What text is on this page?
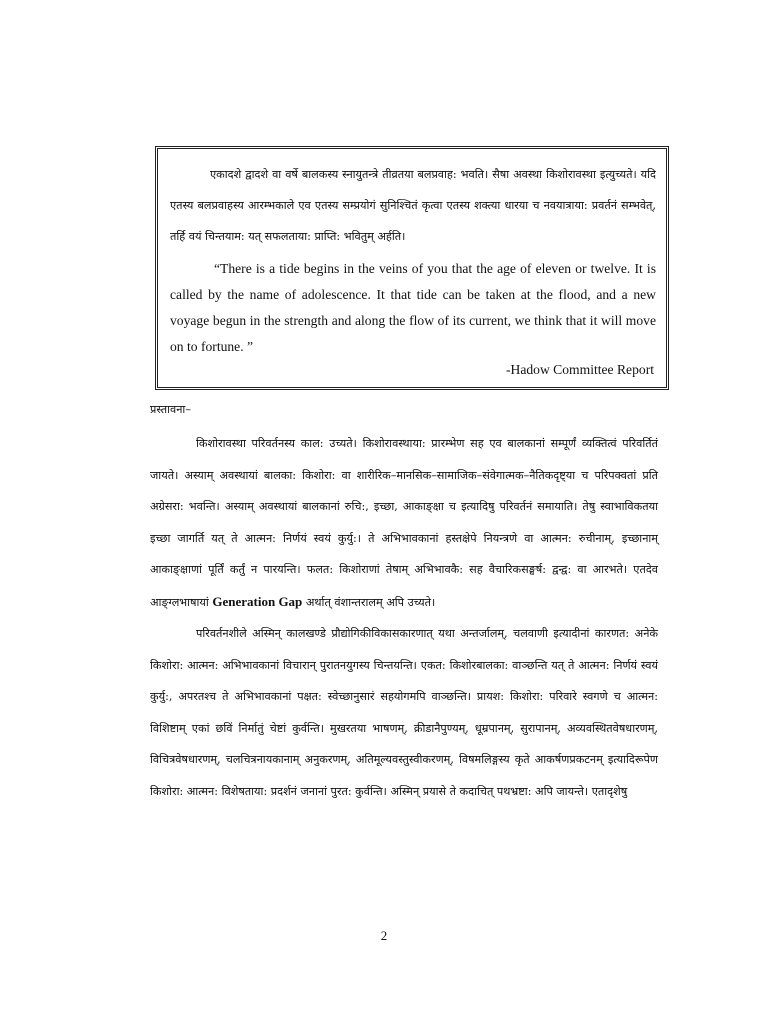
एकादशे द्वादशे वा वर्षे बालकस्य स्नायुतन्त्रे तीव्रतया बलप्रवाह: भवति। सैषा अवस्था किशोरावस्था इत्युच्यते। यदि एतस्य बलप्रवाहस्य आरम्भकाले एव एतस्य सम्प्रयोगं सुनिश्चितं कृत्वा एतस्य शक्त्या धारया च नवयात्राया: प्रवर्तनं सम्भवेत्, तर्हि वयं चिन्तयाम: यत् सफलताया: प्राप्ति: भवितुम् अर्हति।

“There is a tide begins in the veins of you that the age of eleven or twelve. It is called by the name of adolescence. It that tide can be taken at the flood, and a new voyage begun in the strength and along the flow of its current, we think that it will move on to fortune. ”

-Hadow Committee Report

प्रस्तावना–

किशोरावस्था परिवर्तनस्य काल: उच्यते। किशोरावस्थाया: प्रारम्भेण सह एव बालकानां सम्पूर्णं व्यक्तित्वं परिवर्तितं जायते। अस्याम् अवस्थायां बालका: किशोरा: वा शारीरिक–मानसिक–सामाजिक–संवेगात्मक–नैतिकदृष्ट्या च परिपक्वतां प्रति अग्रेसरा: भवन्ति। अस्याम् अवस्थायां बालकानां रुचि:, इच्छा, आकाङ्क्षा च इत्यादिषु परिवर्तनं समायाति। तेषु स्वाभाविकतया इच्छा जागर्ति यत् ते आत्मन: निर्णयं स्वयं कुर्यु:। ते अभिभावकानां हस्तक्षेपे नियन्त्रणे वा आत्मन: रुचीनाम्, इच्छानाम् आकाङ्क्षाणां पूर्तिं कर्तुं न पारयन्ति। फलत: किशोराणां तेषाम् अभिभावकै: सह वैचारिकसङ्घर्ष: द्वन्द्व: वा आरभते। एतदेव आङ्ग्लभाषायां Generation Gap अर्थात् वंशान्तरालम् अपि उच्यते।

परिवर्तनशीले अस्मिन् कालखण्डे प्रौद्योगिकीविकासकारणात् यथा अन्तर्जालम्, चलवाणी इत्यादीनां कारणत: अनेके किशोरा: आत्मन: अभिभावकानां विचारान् पुरातनयुगस्य चिन्तयन्ति। एकत: किशोरबालका: वाञ्छन्ति यत् ते आत्मन: निर्णयं स्वयं कुर्यु:, अपरतश्च ते अभिभावकानां पक्षत: स्वेच्छानुसारं सहयोगमपि वाञ्छन्ति। प्रायश: किशोरा: परिवारे स्वगणे च आत्मन: विशिष्टाम् एकां छविं निर्मातुं चेष्टां कुर्वन्ति। मुखरतया भाषणम्, क्रीडानैपुण्यम्, धूम्रपानम्, सुरापानम्, अव्यवस्थितवेषधारणम्, विचित्रवेषधारणम्, चलचित्रनायकानाम् अनुकरणम्, अतिमूल्यवस्तुस्वीकरणम्, विषमलिङ्गस्य कृते आकर्षणप्रकटनम् इत्यादिरूपेण किशोरा: आत्मन: विशेषताया: प्रदर्शनं जनानां पुरत: कुर्वन्ति। अस्मिन् प्रयासे ते कदाचित् पथभ्रष्टा: अपि जायन्ते। एतादृशेषु

2
